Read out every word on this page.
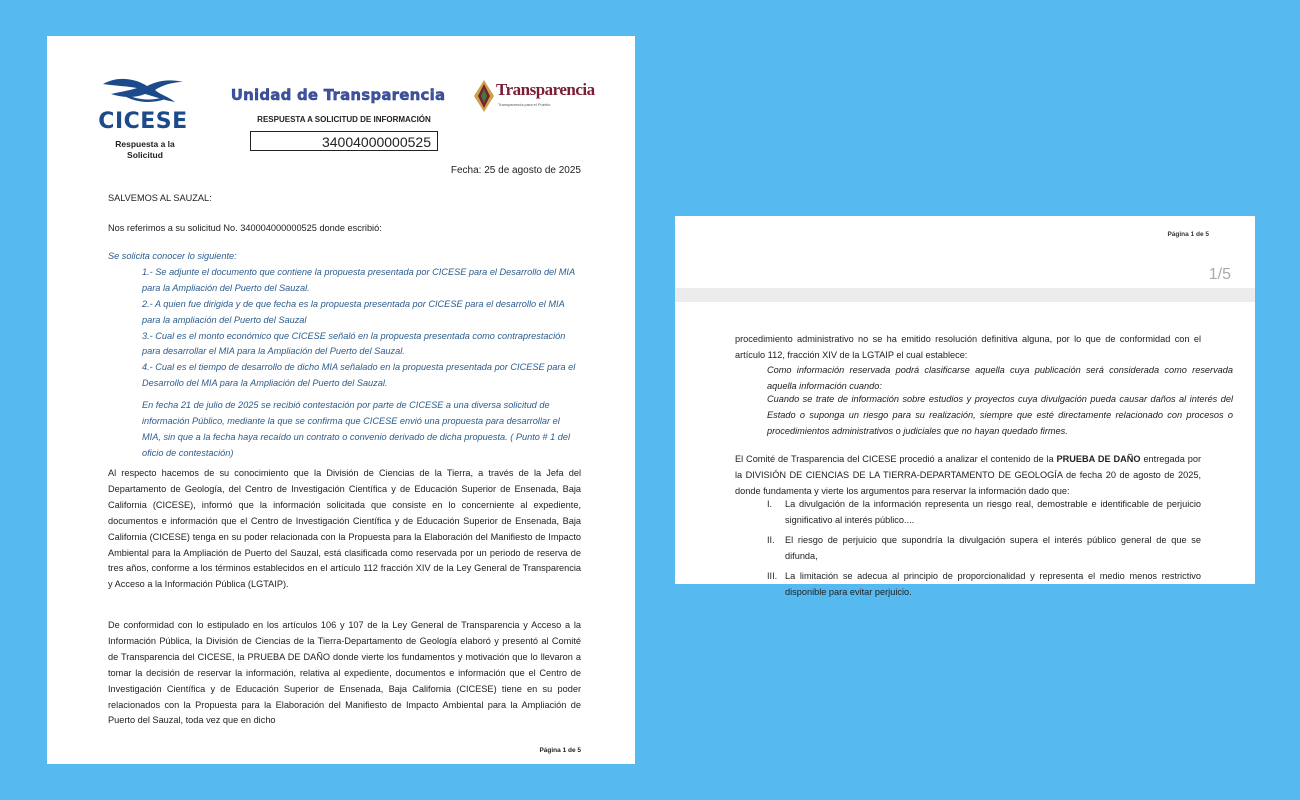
CICESE
Respuesta a la Solicitud
Unidad de Transparencia
RESPUESTA A SOLICITUD DE INFORMACIÓN
34004000000525
Transparencia
Transparencia para el Pueblo
Fecha: 25 de agosto de 2025
SALVEMOS AL SAUZAL:
Nos referimos a su solicitud No. 340004000000525 donde escribió:
Se solicita conocer lo siguiente:
1.- Se adjunte el documento que contiene la propuesta presentada por CICESE para el Desarrollo del MIA para la Ampliación del Puerto del Sauzal.
2.- A quien fue dirigida y de que fecha es la propuesta presentada por CICESE para el desarrollo el MIA para la ampliación del Puerto del Sauzal
3.- Cual es el monto económico que CICESE señaló en la propuesta presentada como contraprestación para desarrollar el MIA para la Ampliación del Puerto del Sauzal.
4.- Cual es el tiempo de desarrollo de dicho MIA señalado en la propuesta presentada por CICESE para el Desarrollo del MIA para la Ampliación del Puerto del Sauzal.
En fecha 21 de julio de 2025 se recibió contestación por parte de CICESE a una diversa solicitud de información Público, mediante la que se confirma que CICESE envió una propuesta para desarrollar el MIA, sin que a la fecha haya recaído un contrato o convenio derivado de dicha propuesta. ( Punto # 1 del oficio de contestación)
Al respecto hacemos de su conocimiento que la División de Ciencias de la Tierra, a través de la Jefa del Departamento de Geología, del Centro de Investigación Científica y de Educación Superior de Ensenada, Baja California (CICESE), informó que la información solicitada que consiste en lo concerniente al expediente, documentos e información que el Centro de Investigación Científica y de Educación Superior de Ensenada, Baja California (CICESE) tenga en su poder relacionada con la Propuesta para la Elaboración del Manifiesto de Impacto Ambiental para la Ampliación de Puerto del Sauzal, está clasificada como reservada por un periodo de reserva de tres años, conforme a los términos establecidos en el artículo 112 fracción XIV de la Ley General de Transparencia y Acceso a la Información Pública (LGTAIP).
De conformidad con lo estipulado en los artículos 106 y 107 de la Ley General de Transparencia y Acceso a la Información Pública, la División de Ciencias de la Tierra-Departamento de Geología elaboró y presentó al Comité de Transparencia del CICESE, la PRUEBA DE DAÑO donde vierte los fundamentos y motivación que lo llevaron a tomar la decisión de reservar la información, relativa al expediente, documentos e información que el Centro de Investigación Científica y de Educación Superior de Ensenada, Baja California (CICESE) tiene en su poder relacionados con la Propuesta para la Elaboración del Manifiesto de Impacto Ambiental para la Ampliación de Puerto del Sauzal, toda vez que en dicho
Página 1 de 5
Página 1 de 5
1/5
procedimiento administrativo no se ha emitido resolución definitiva alguna, por lo que de conformidad con el artículo 112, fracción XIV de la LGTAIP el cual establece:
Como información reservada podrá clasificarse aquella cuya publicación será considerada como reservada aquella información cuando:
Cuando se trate de información sobre estudios y proyectos cuya divulgación pueda causar daños al interés del Estado o suponga un riesgo para su realización, siempre que esté directamente relacionado con procesos o procedimientos administrativos o judiciales que no hayan quedado firmes.
El Comité de Trasparencia del CICESE procedió a analizar el contenido de la PRUEBA DE DAÑO entregada por la DIVISIÓN DE CIENCIAS DE LA TIERRA-DEPARTAMENTO DE GEOLOGÍA de fecha 20 de agosto de 2025, donde fundamenta y vierte los argumentos para reservar la información dado que:
I. La divulgación de la información representa un riesgo real, demostrable e identificable de perjuicio significativo al interés público....
II. El riesgo de perjuicio que supondría la divulgación supera el interés público general de que se difunda,
III. La limitación se adecua al principio de proporcionalidad y representa el medio menos restrictivo disponible para evitar perjuicio.
